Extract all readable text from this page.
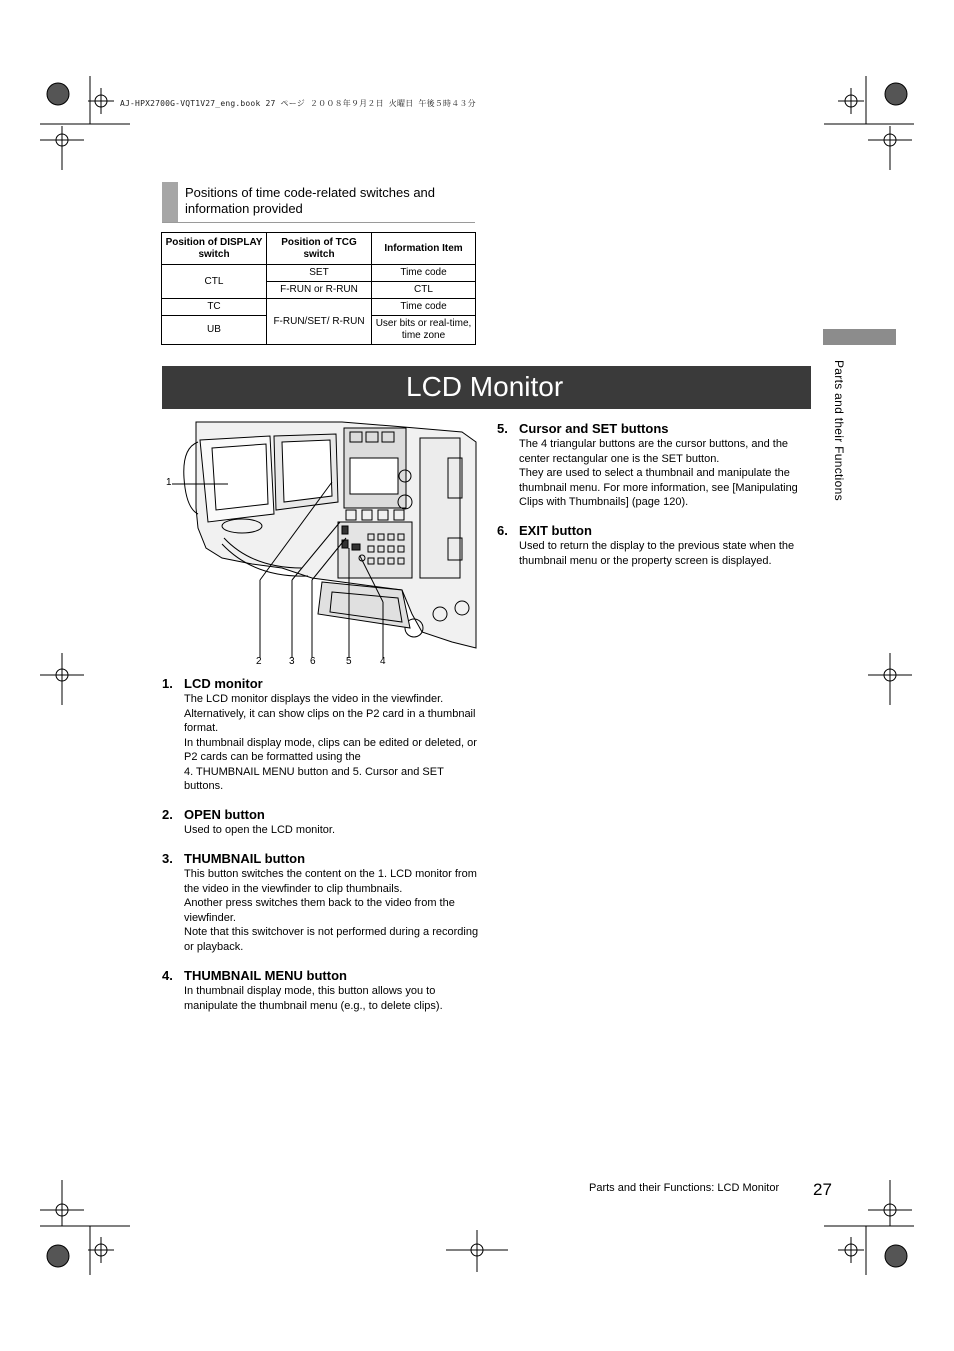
AJ-HPX2700G-VQT1V27_eng.book 27 ページ ２００８年９月２日 火曜日 午後５時４３分
Positions of time code-related switches and information provided
Position of DISPLAY switch	Position of TCG switch	Information Item
CTL	SET	Time code
	F-RUN or R-RUN	CTL
TC	F-RUN/SET/ R-RUN	Time code
UB		User bits or real-time, time zone
LCD Monitor	Parts and their Functions
1
2	3 6	5	4
1. LCD monitor
The LCD monitor displays the video in the viewfinder.
Alternatively, it can show clips on the P2 card in a thumbnail format.
In thumbnail display mode, clips can be edited or deleted, or P2 cards can be formatted using the
4. THUMBNAIL MENU button and 5. Cursor and SET buttons.
2. OPEN button
Used to open the LCD monitor.
3. THUMBNAIL button
This button switches the content on the 1. LCD monitor from the video in the viewfinder to clip thumbnails.
Another press switches them back to the video from the viewfinder.
Note that this switchover is not performed during a recording or playback.
4. THUMBNAIL MENU button
In thumbnail display mode, this button allows you to manipulate the thumbnail menu (e.g., to delete clips).
5. Cursor and SET buttons
The 4 triangular buttons are the cursor buttons, and the center rectangular one is the SET button.
They are used to select a thumbnail and manipulate the thumbnail menu. For more information, see [Manipulating Clips with Thumbnails] (page 120).
6. EXIT button
Used to return the display to the previous state when the thumbnail menu or the property screen is displayed.
Parts and their Functions: LCD Monitor 27
